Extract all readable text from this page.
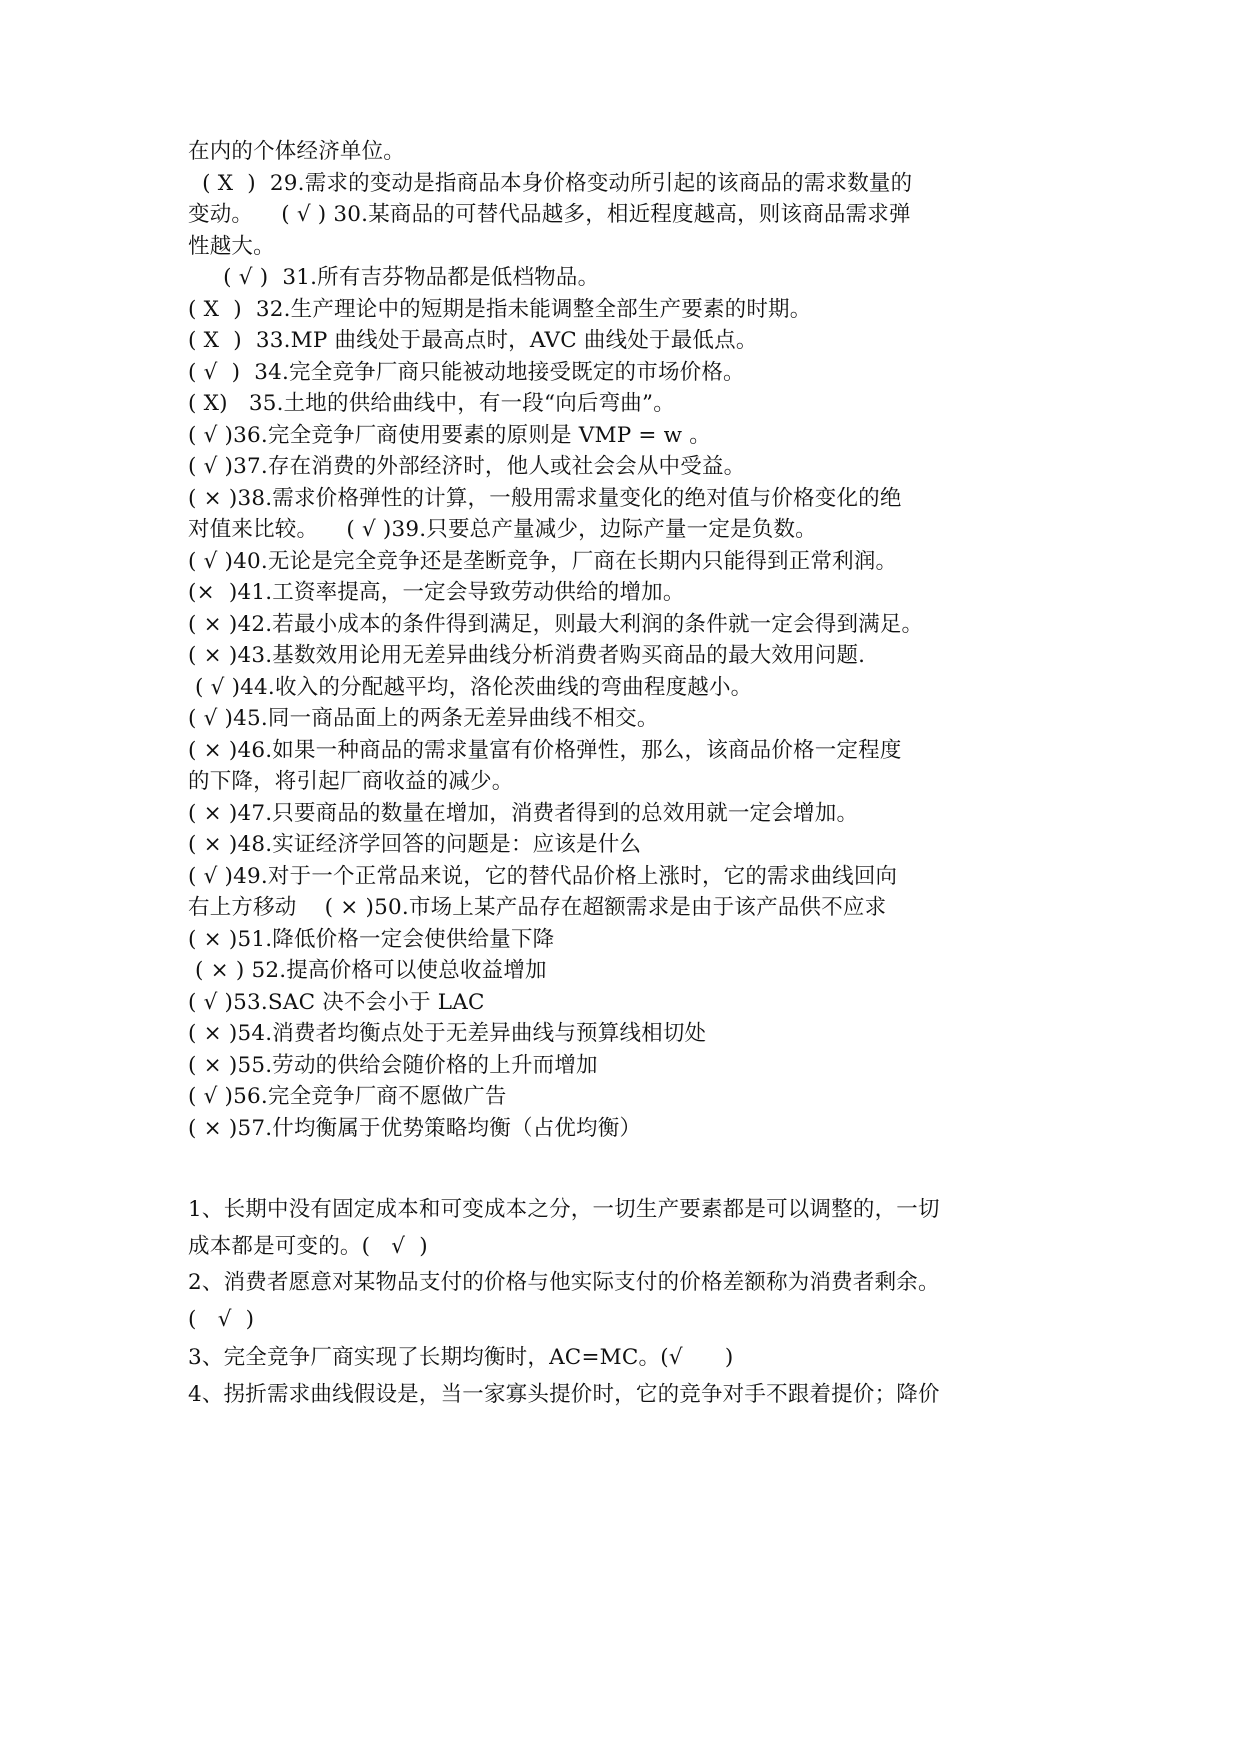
在内的个体经济单位。
( X  )  29.需求的变动是指商品本身价格变动所引起的该商品的需求数量的
变动。    ( √ ) 30.某商品的可替代品越多，相近程度越高，则该商品需求弹
性越大。
( √ )  31.所有吉芬物品都是低档物品。
( X  )  32.生产理论中的短期是指未能调整全部生产要素的时期。
( X  )  33.MP 曲线处于最高点时，AVC 曲线处于最低点。
( √  )  34.完全竞争厂商只能被动地接受既定的市场价格。
( X)   35.土地的供给曲线中，有一段“向后弯曲”。
( √ )36.完全竞争厂商使用要素的原则是 VMP = w 。
( √ )37.存在消费的外部经济时，他人或社会会从中受益。
( × )38.需求价格弹性的计算，一般用需求量变化的绝对值与价格变化的绝
对值来比较。    ( √ )39.只要总产量减少，边际产量一定是负数。
( √ )40.无论是完全竞争还是垄断竞争，厂商在长期内只能得到正常利润。
(×  )41.工资率提高，一定会导致劳动供给的增加。
( × )42.若最小成本的条件得到满足，则最大利润的条件就一定会得到满足。
( × )43.基数效用论用无差异曲线分析消费者购买商品的最大效用问题.
( √ )44.收入的分配越平均，洛伦茨曲线的弯曲程度越小。
( √ )45.同一商品面上的两条无差异曲线不相交。
( × )46.如果一种商品的需求量富有价格弹性，那么，该商品价格一定程度
的下降，将引起厂商收益的减少。
( × )47.只要商品的数量在增加，消费者得到的总效用就一定会增加。
( × )48.实证经济学回答的问题是：应该是什么
( √ )49.对于一个正常品来说，它的替代品价格上涨时，它的需求曲线回向
右上方移动    ( × )50.市场上某产品存在超额需求是由于该产品供不应求
( × )51.降低价格一定会使供给量下降
( × ) 52.提高价格可以使总收益增加
( √ )53.SAC 决不会小于 LAC
( × )54.消费者均衡点处于无差异曲线与预算线相切处
( × )55.劳动的供给会随价格的上升而增加
( √ )56.完全竞争厂商不愿做广告
( × )57.什均衡属于优势策略均衡（占优均衡）
1、长期中没有固定成本和可变成本之分，一切生产要素都是可以调整的，一切
成本都是可变的。(   √  )
2、消费者愿意对某物品支付的价格与他实际支付的价格差额称为消费者剩余。
(   √  )
3、完全竞争厂商实现了长期均衡时，AC=MC。(√      )
4、拐折需求曲线假设是，当一家寡头提价时，它的竞争对手不跟着提价；降价
